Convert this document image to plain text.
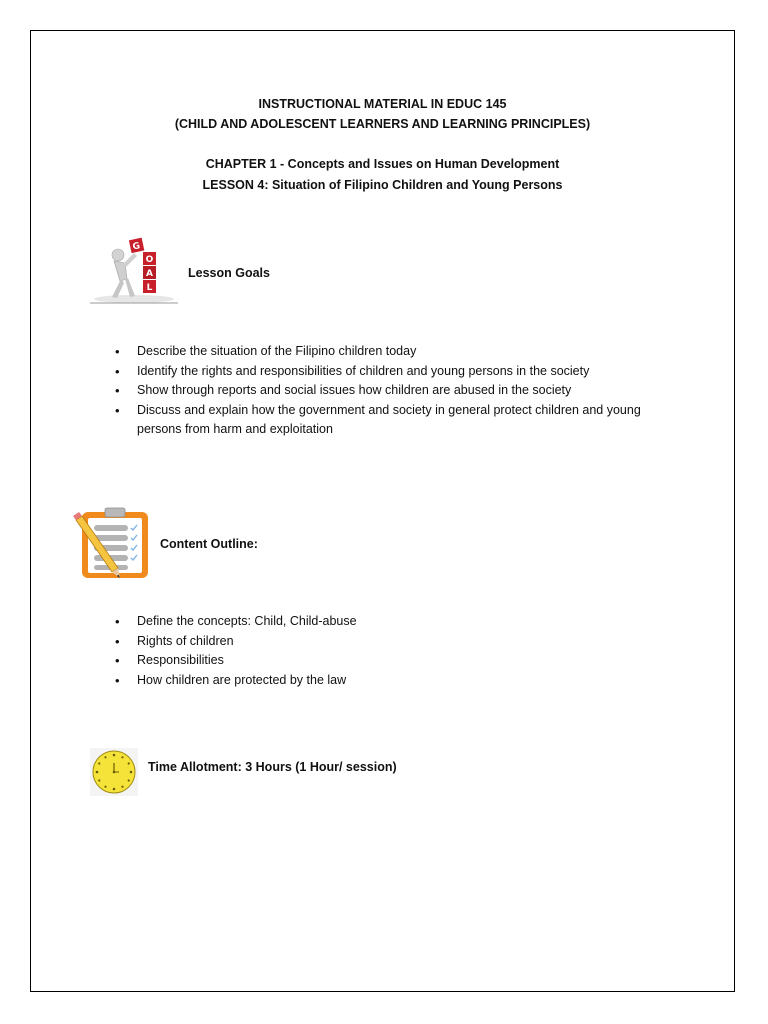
INSTRUCTIONAL MATERIAL IN EDUC 145

(CHILD AND ADOLESCENT LEARNERS AND LEARNING PRINCIPLES)

CHAPTER 1 - Concepts and Issues on Human Development

LESSON 4: Situation of Filipino Children and Young Persons

G
O
A
L
Lesson Goals
• Describe the situation of the Filipino children today
• Identify the rights and responsibilities of children and young persons in the society
• Show through reports and social issues how children are abused in the society
• Discuss and explain how the government and society in general protect children and young persons from harm and exploitation
Content Outline:
• Define the concepts: Child, Child-abuse
• Rights of children
• Responsibilities
• How children are protected by the law
Time Allotment: 3 Hours (1 Hour/ session)
